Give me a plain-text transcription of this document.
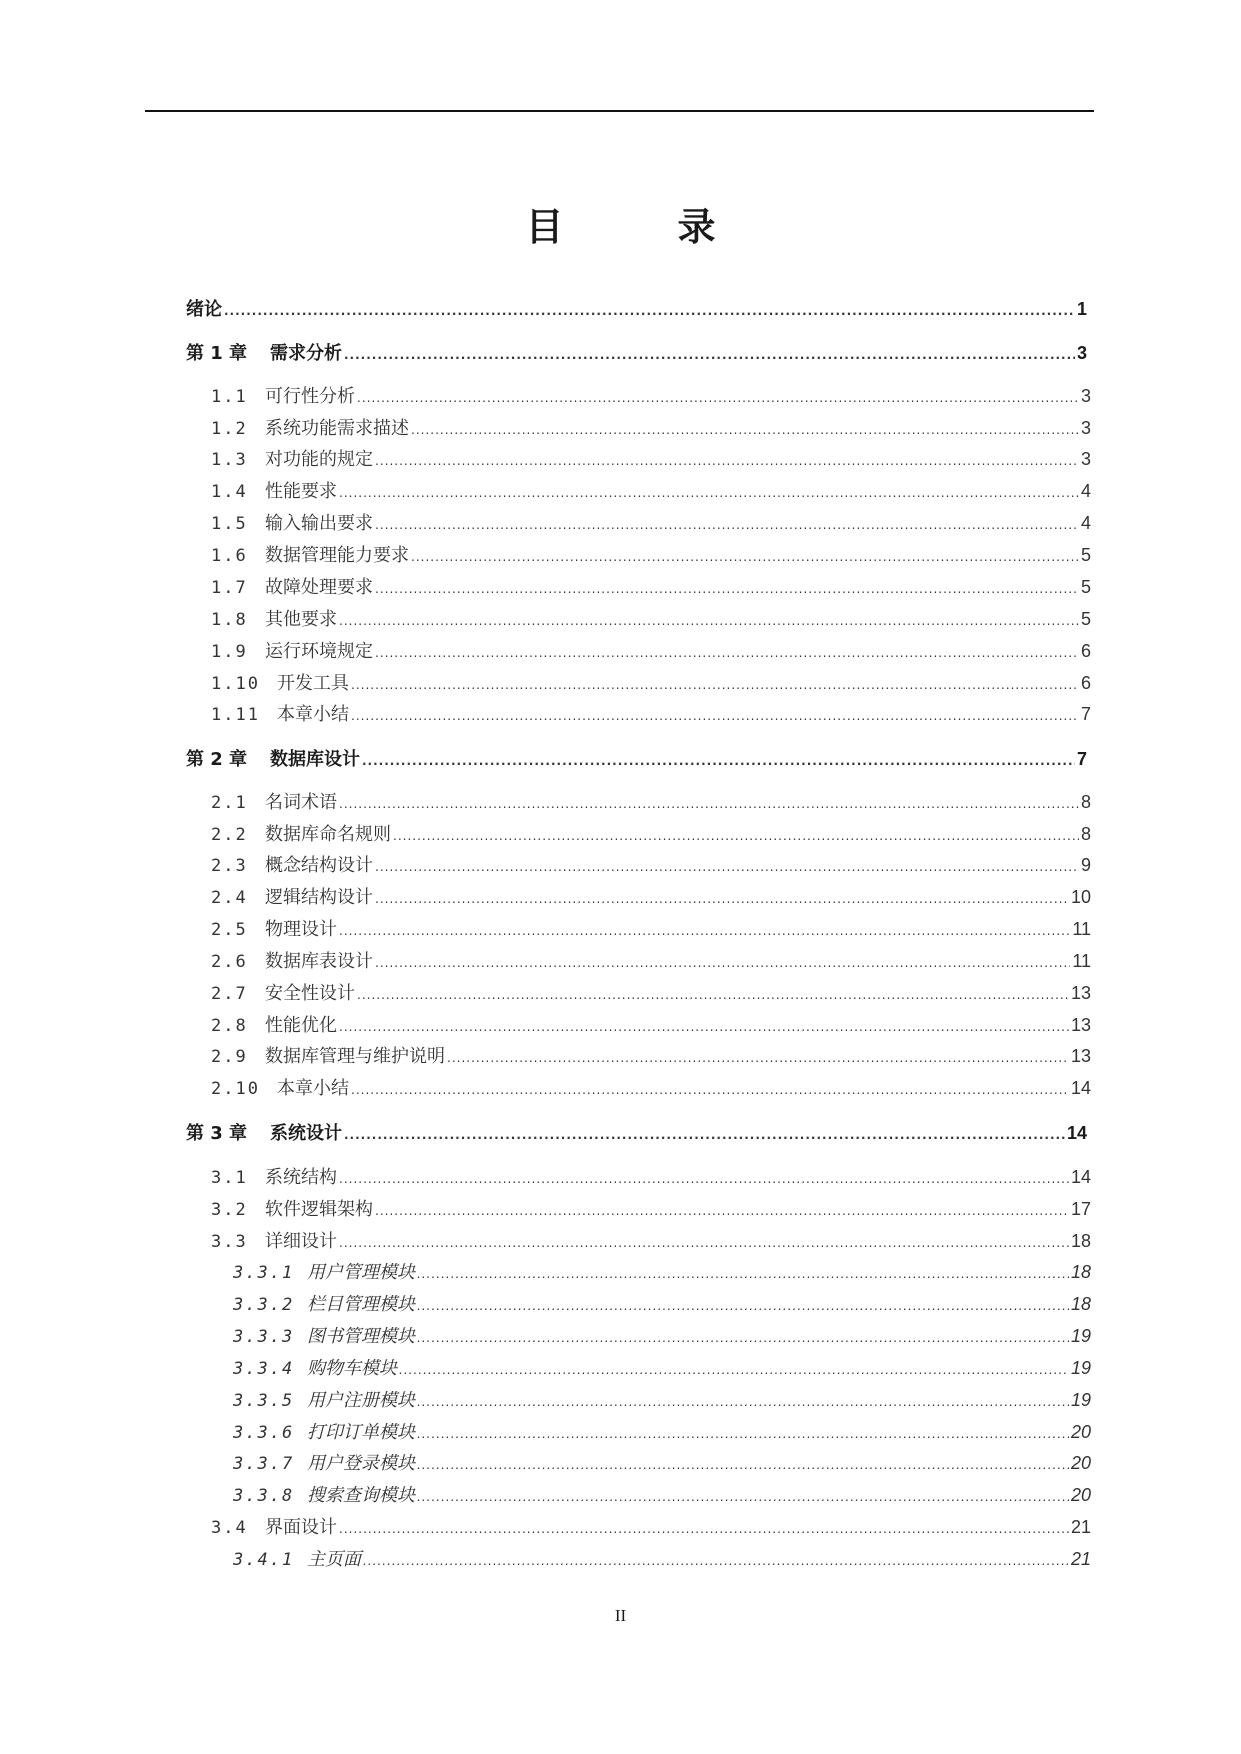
目　录
绪论 .....	1
第 1 章	需求分析 .....	3
1.1 可行性分析 .....	3
1.2 系统功能需求描述 .....	3
1.3 对功能的规定 .....	3
1.4 性能要求 .....	4
1.5 输入输出要求 .....	4
1.6 数据管理能力要求 .....	5
1.7 故障处理要求 .....	5
1.8 其他要求 .....	5
1.9 运行环境规定 .....	6
1.10 开发工具 .....	6
1.11 本章小结 .....	7
第 2 章	数据库设计 .....	7
2.1 名词术语 .....	8
2.2 数据库命名规则 .....	8
2.3 概念结构设计 .....	9
2.4 逻辑结构设计 .....	10
2.5 物理设计 .....	11
2.6 数据库表设计 .....	11
2.7 安全性设计 .....	13
2.8 性能优化 .....	13
2.9 数据库管理与维护说明 .....	13
2.10 本章小结 .....	14
第 3 章	系统设计 .....	14
3.1 系统结构 .....	14
3.2 软件逻辑架构 .....	17
3.3 详细设计 .....	18
3.3.1 用户管理模块 .....	18
3.3.2 栏目管理模块 .....	18
3.3.3 图书管理模块 .....	19
3.3.4 购物车模块 .....	19
3.3.5 用户注册模块 .....	19
3.3.6 打印订单模块 .....	20
3.3.7 用户登录模块 .....	20
3.3.8 搜索查询模块 .....	20
3.4 界面设计 .....	21
3.4.1 主页面 .....	21
II
